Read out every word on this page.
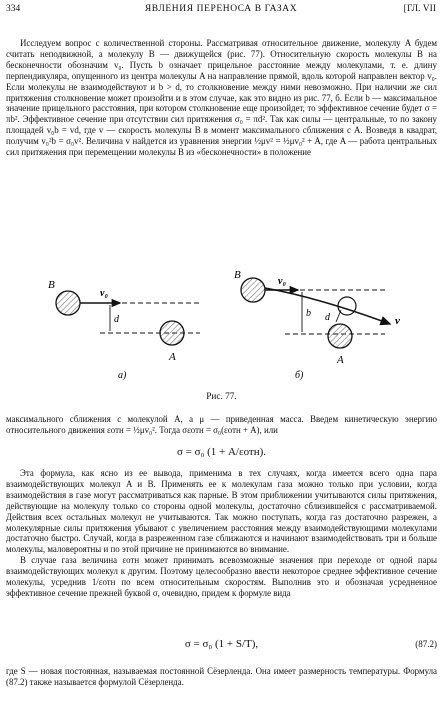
334	ЯВЛЕНИЯ ПЕРЕНОСА В ГАЗАХ	[ГЛ. VII

Исследуем вопрос с количественной стороны. Рассматривая относительное движение, молекулу A будем считать неподвижной, а молекулу B — движущейся (рис. 77). Относительную скорость молекулы B на бесконечности обозначим v₀. Пусть b означает прицельное расстояние между молекулами, т. е. длину перпендикуляра, опущенного из центра молекулы A на направление прямой, вдоль которой направлен вектор v₀. Если молекулы не взаимодействуют и b > d, то столкновение между ними невозможно. При наличии же сил притяжения столкновение может произойти и в этом случае, как это видно из рис. 77, б. Если b — максимальное значение прицельного расстояния, при котором столкновение еще произойдет, то эффективное сечение будет σ = πb². Эффективное сечение при отсутствии сил притяжения σ₀ = πd². Так как силы — центральные, то по закону площадей v₀b = vd, где v — скорость молекулы B в момент максимального сближения с A. Возведя в квадрат, получим v₀²b = σ₀v². Величина v найдется из уравнения энергии ½μv² = ½μv₀² + A, где A — работа центральных сил притяжения при перемещении молекулы B из «бесконечности» в положение

B
v₀
d
A
а)
B
v₀
b d	v
A
б)
Рис. 77.

максимального сближения с молекулой A, а μ — приведенная масса. Введем кинетическую энергию относительного движения εотн = ½μv₀². Тогда σεотн = σ₀(εотн + A), или

σ = σ₀ (1 + A/εотн).

Эта формула, как ясно из ее вывода, применима в тех случаях, когда имеется всего одна пара взаимодействующих молекул A и B. Применять ее к молекулам газа можно только при условии, когда взаимодействия в газе могут рассматриваться как парные. В этом приближении учитываются силы притяжения, действующие на молекулу только со стороны одной молекулы, достаточно сблизившейся с рассматриваемой. Действия всех остальных молекул не учитываются. Так можно поступать, когда газ достаточно разрежен, а молекулярные силы притяжения убывают с увеличением расстояния между взаимодействующими молекулами достаточно быстро. Случай, когда в разреженном газе сближаются и начинают взаимодействовать три и больше молекулы, маловероятны и по этой причине не принимаются во внимание.

В случае газа величина εотн может принимать всевозможные значения при переходе от одной пары взаимодействующих молекул к другим. Поэтому целесообразно ввести некоторое среднее эффективное сечение молекулы, усреднив 1/εотн по всем относительным скоростям. Выполнив это и обозначая усредненное эффективное сечение прежней буквой σ, очевидно, придем к формуле вида

σ = σ₀ (1 + S/T),	(87.2)

где S — новая постоянная, называемая постоянной Сёзерленда. Она имеет размерность температуры. Формула (87.2) также называется формулой Сёзерленда.
